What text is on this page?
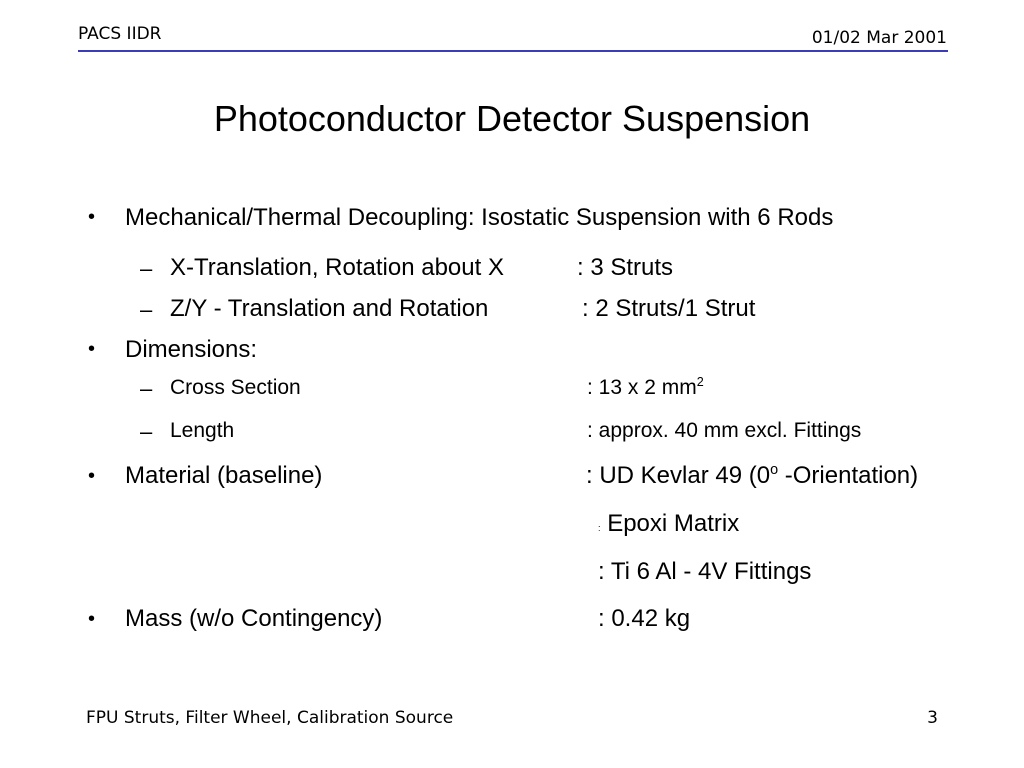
PACS IIDR	01/02 Mar 2001
Photoconductor Detector Suspension
• Mechanical/Thermal Decoupling: Isostatic Suspension with 6 Rods
– X-Translation, Rotation about X	: 3 Struts
– Z/Y - Translation and Rotation	: 2 Struts/1 Strut
• Dimensions:
– Cross Section	: 13 x 2 $mm^2$
– Length	: approx. 40 mm excl. Fittings
• Material (baseline)	: UD Kevlar 49 (0$^o$ -Orientation)
: Epoxi Matrix
: Ti 6 Al - 4V Fittings
• Mass (w/o Contingency)	: 0.42 kg
FPU Struts, Filter Wheel, Calibration Source	3
